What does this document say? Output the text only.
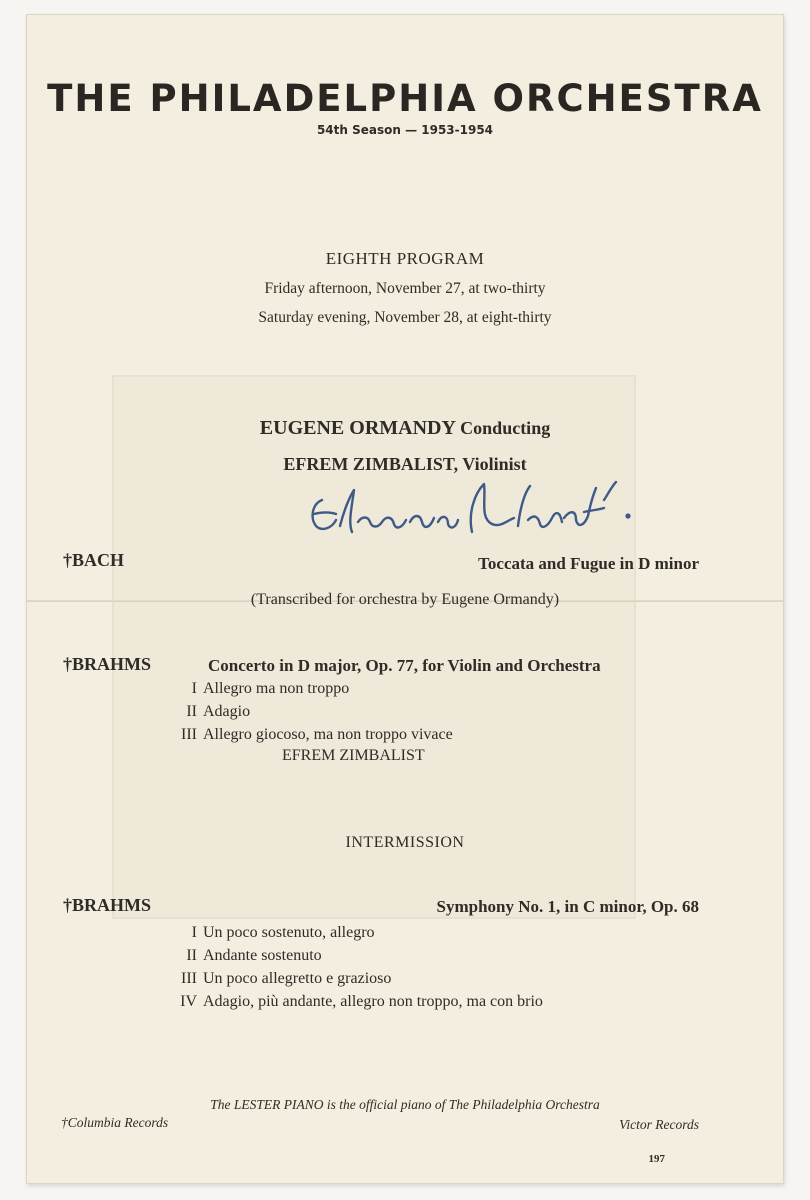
THE PHILADELPHIA ORCHESTRA
54th Season — 1953-1954
EIGHTH PROGRAM
Friday afternoon, November 27, at two-thirty
Saturday evening, November 28, at eight-thirty
EUGENE ORMANDY Conducting
EFREM ZIMBALIST, Violinist
†BACH	Toccata and Fugue in D minor
(Transcribed for orchestra by Eugene Ormandy)
†BRAHMS	Concerto in D major, Op. 77, for Violin and Orchestra
I Allegro ma non troppo
II Adagio
III Allegro giocoso, ma non troppo vivace
EFREM ZIMBALIST
INTERMISSION
†BRAHMS	Symphony No. 1, in C minor, Op. 68
I Un poco sostenuto, allegro
II Andante sostenuto
III Un poco allegretto e grazioso
IV Adagio, più andante, allegro non troppo, ma con brio
The LESTER PIANO is the official piano of The Philadelphia Orchestra
†Columbia Records	Victor Records
197
